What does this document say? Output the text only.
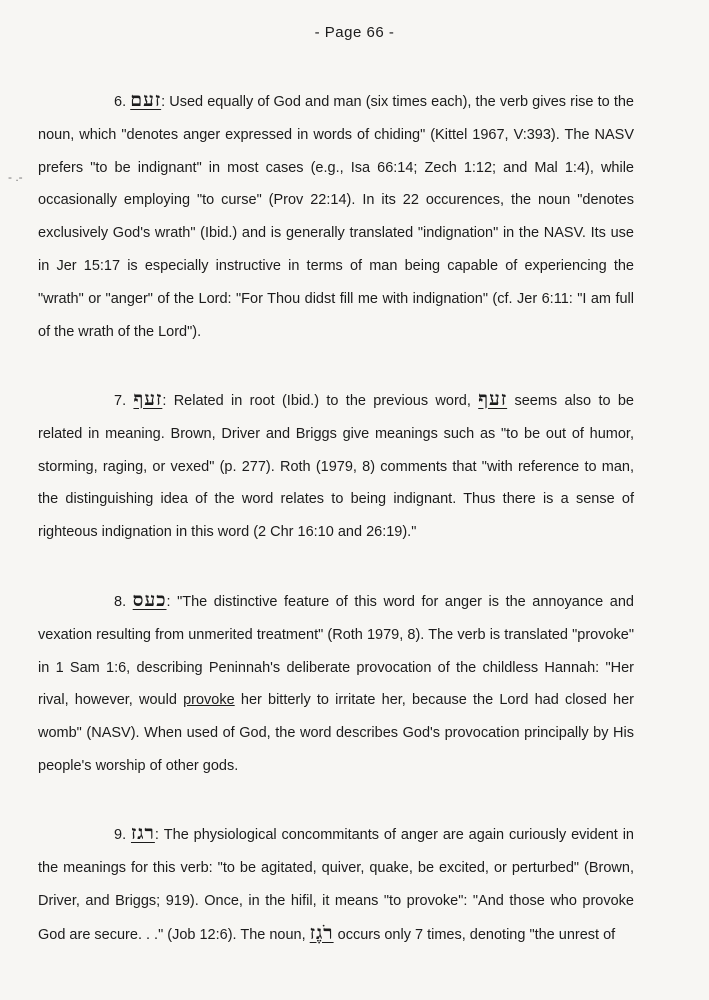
- Page 66 -
- .-

6. זעם: Used equally of God and man (six times each), the verb gives rise to the noun, which "denotes anger expressed in words of chiding" (Kittel 1967, V:393). The NASV prefers "to be indignant" in most cases (e.g., Isa 66:14; Zech 1:12; and Mal 1:4), while occasionally employing "to curse" (Prov 22:14). In its 22 occurences, the noun "denotes exclusively God's wrath" (Ibid.) and is generally translated "indignation" in the NASV. Its use in Jer 15:17 is especially instructive in terms of man being capable of experiencing the "wrath" or "anger" of the Lord: "For Thou didst fill me with indignation" (cf. Jer 6:11: "I am full of the wrath of the Lord").

7. זעף: Related in root (Ibid.) to the previous word, זעף seems also to be related in meaning. Brown, Driver and Briggs give meanings such as "to be out of humor, storming, raging, or vexed" (p. 277). Roth (1979, 8) comments that "with reference to man, the distinguishing idea of the word relates to being indignant. Thus there is a sense of righteous indignation in this word (2 Chr 16:10 and 26:19)."

8. כעס: "The distinctive feature of this word for anger is the annoyance and vexation resulting from unmerited treatment" (Roth 1979, 8). The verb is translated "provoke" in 1 Sam 1:6, describing Peninnah's deliberate provocation of the childless Hannah: "Her rival, however, would provoke her bitterly to irritate her, because the Lord had closed her womb" (NASV). When used of God, the word describes God's provocation principally by His people's worship of other gods.

9. רגז: The physiological concommitants of anger are again curiously evident in the meanings for this verb: "to be agitated, quiver, quake, be excited, or perturbed" (Brown, Driver, and Briggs; 919). Once, in the hifil, it means "to provoke": "And those who provoke God are secure. . ." (Job 12:6). The noun, רֹגֶז occurs only 7 times, denoting "the unrest of
